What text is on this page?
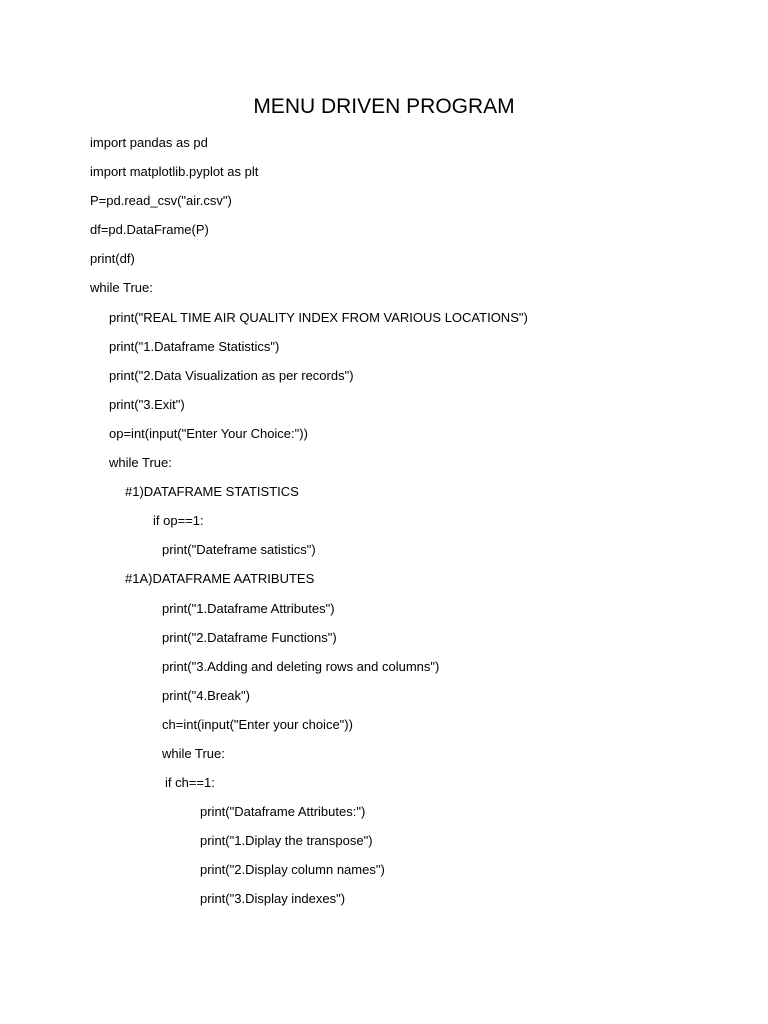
MENU DRIVEN PROGRAM
import pandas as pd
import matplotlib.pyplot as plt
P=pd.read_csv("air.csv")
df=pd.DataFrame(P)
print(df)
while True:
print("REAL TIME AIR QUALITY INDEX FROM VARIOUS LOCATIONS")
print("1.Dataframe Statistics")
print("2.Data Visualization as per records")
print("3.Exit")
op=int(input("Enter Your Choice:"))
while True:
#1)DATAFRAME STATISTICS
if op==1:
print("Dateframe satistics")
#1A)DATAFRAME AATRIBUTES
print("1.Dataframe Attributes")
print("2.Dataframe Functions")
print("3.Adding and deleting rows and columns")
print("4.Break")
ch=int(input("Enter your choice"))
while True:
if ch==1:
print("Dataframe Attributes:")
print("1.Diplay the transpose")
print("2.Display column names")
print("3.Display indexes")
